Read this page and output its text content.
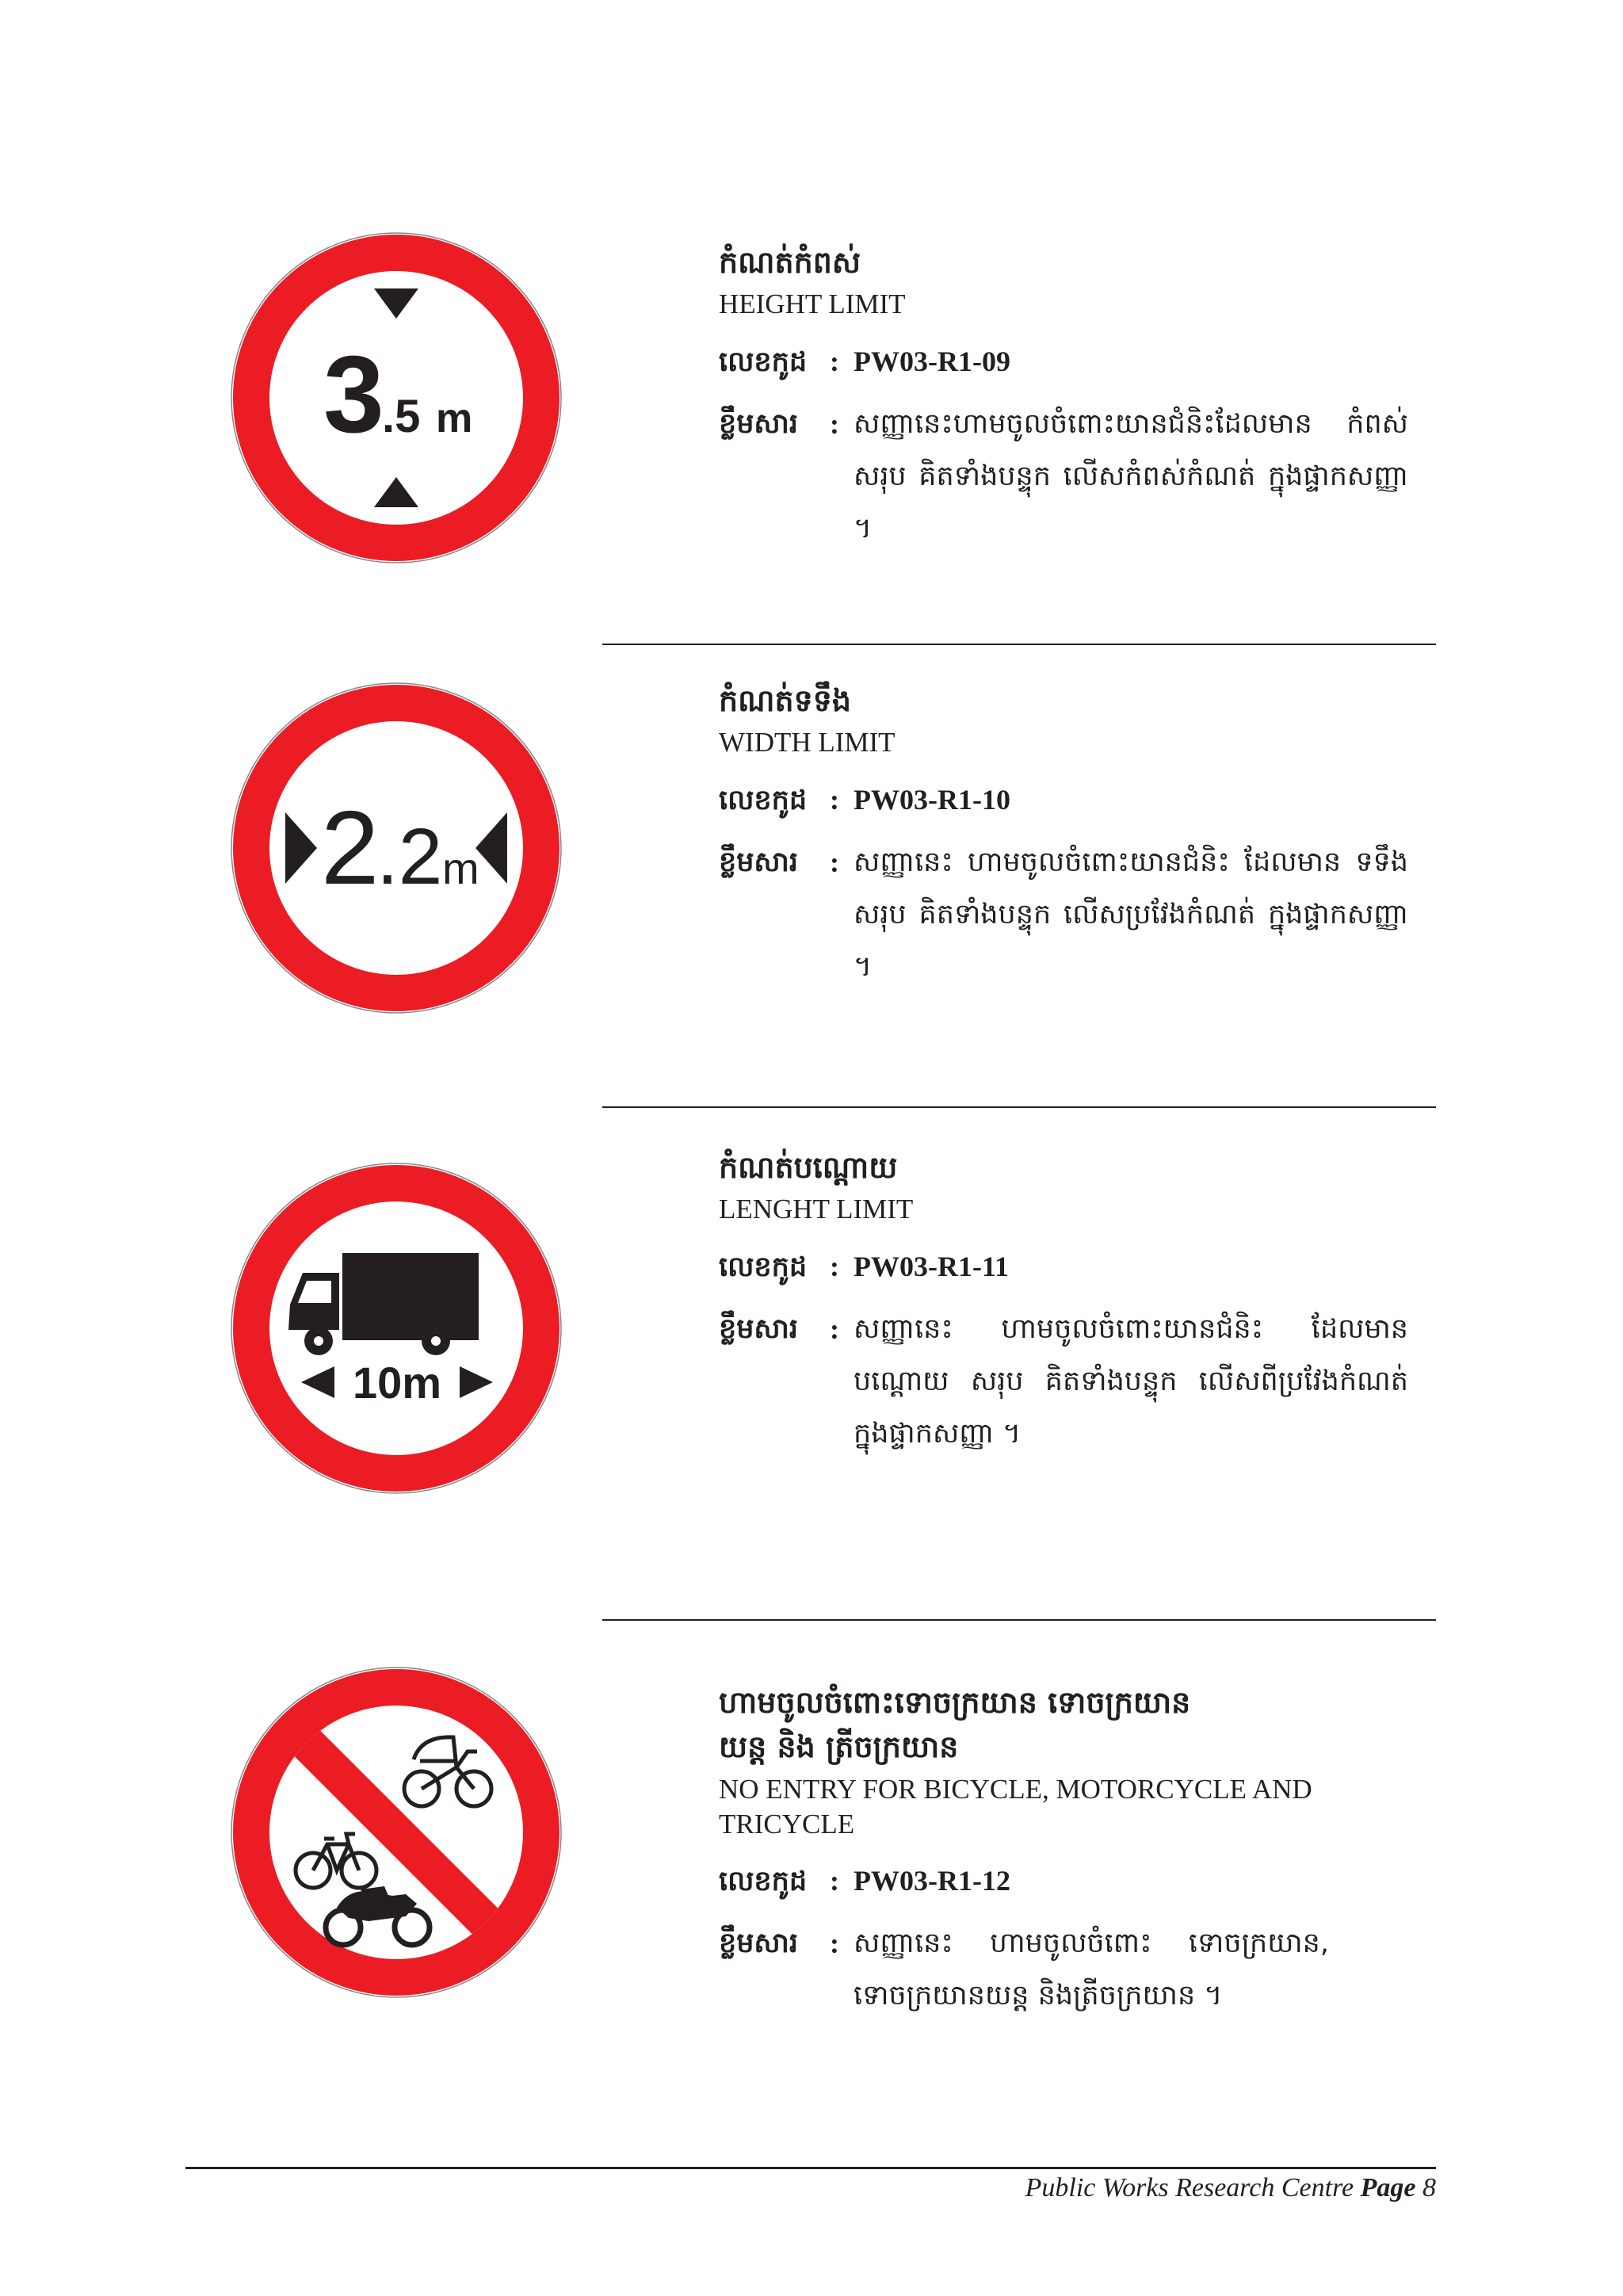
3
.5 m
កំណត់កំពស់
HEIGHT LIMIT
លេខកូដ : PW03-R1-09
ខ្លឹមសារ	: សញ្ញានេះហាមចូលចំពោះយានជំនិះដែលមាន កំពស់សរុប គិតទាំងបន្ទុក លើសកំពស់កំណត់ ក្នុងផ្ទាកសញ្ញា ។
2
.2 m
កំណត់ទទឹង
WIDTH LIMIT
លេខកូដ : PW03-R1-10
ខ្លឹមសារ	: សញ្ញានេះ ហាមចូលចំពោះយានជំនិះ ដែលមាន ទទឹងសរុប គិតទាំងបន្ទុក លើសប្រវែងកំណត់ ក្នុងផ្ទាកសញ្ញា ។
10m
កំណត់បណ្ដោយ
LENGHT LIMIT
លេខកូដ : PW03-R1-11
ខ្លឹមសារ	: សញ្ញានេះ ហាមចូលចំពោះយានជំនិះ ដែលមាន បណ្ដោយ សរុប គិតទាំងបន្ទុក លើសពីប្រវែងកំណត់ ក្នុងផ្ទាកសញ្ញា ។
ហាមចូលចំពោះទោចក្រយាន ទោចក្រយានយន្ត និង ត្រីចក្រយាន
NO ENTRY FOR BICYCLE, MOTORCYCLE AND TRICYCLE
លេខកូដ : PW03-R1-12
ខ្លឹមសារ	: សញ្ញានេះ ហាមចូលចំពោះ ទោចក្រយាន, ទោចក្រយានយន្ត និងត្រីចក្រយាន ។
Public Works Research Centre Page 8
